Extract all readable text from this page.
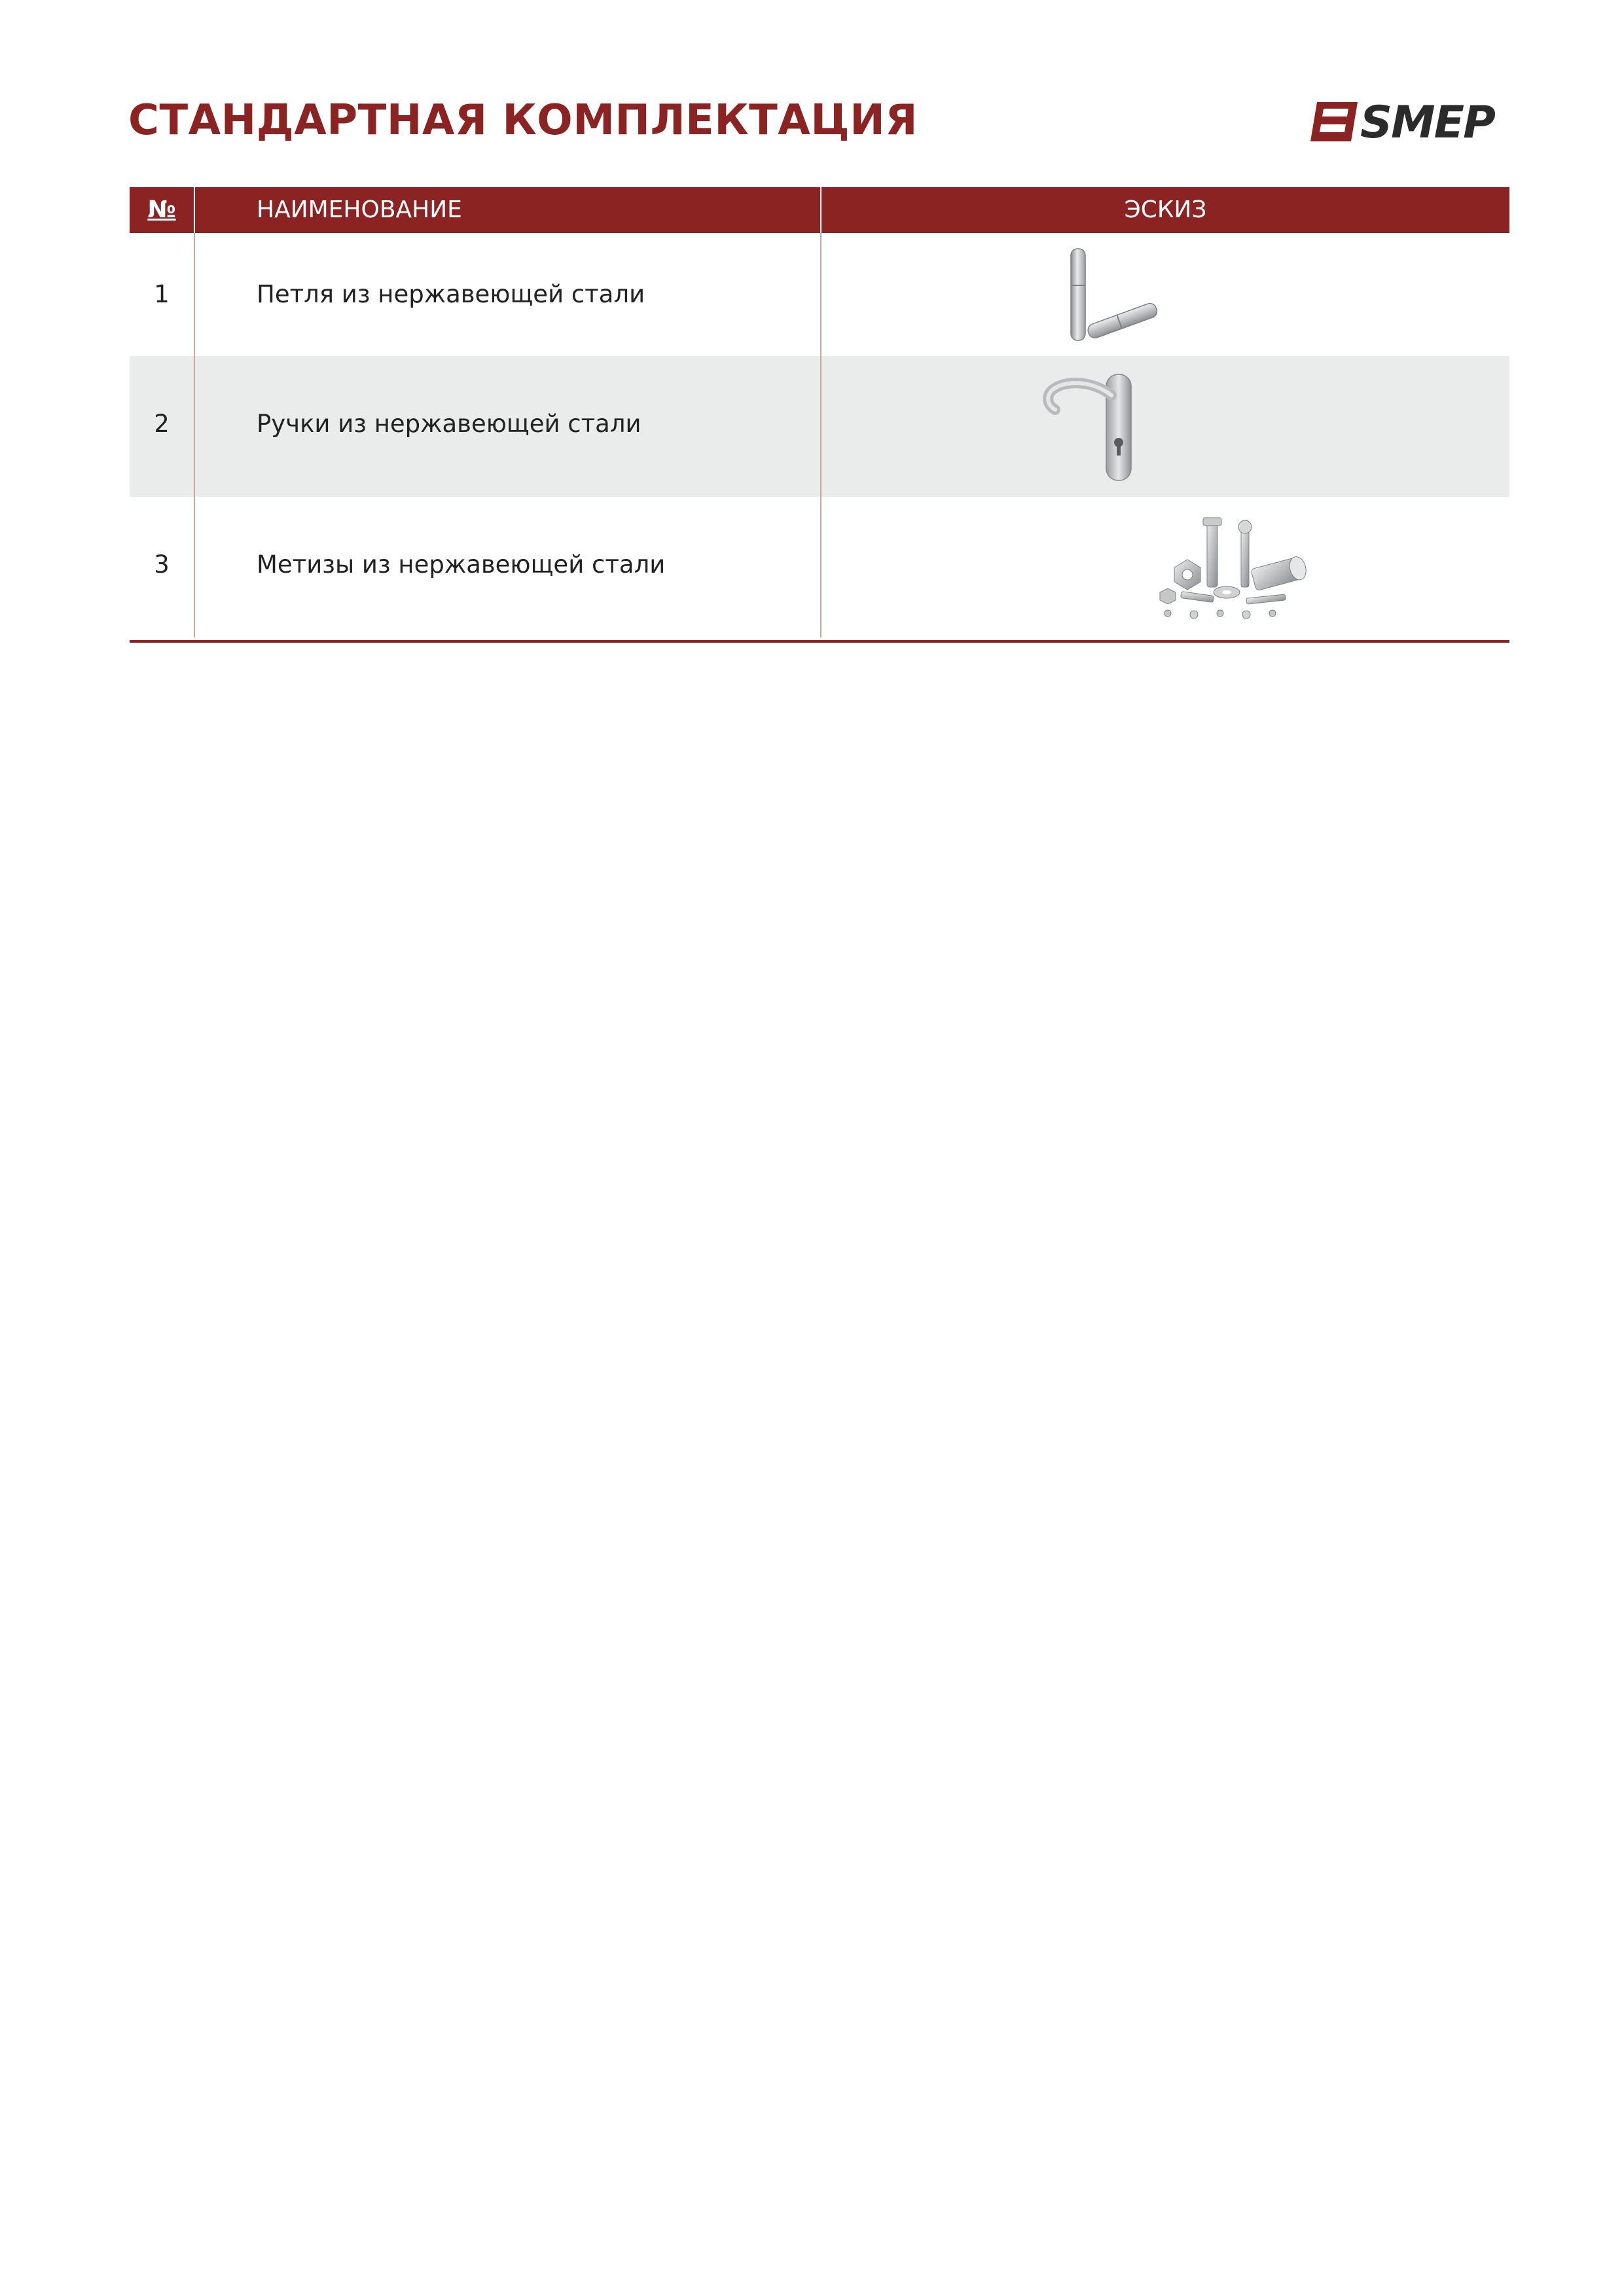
СТАНДАРТНАЯ КОМПЛЕКТАЦИЯ	SMEP
№	НАИМЕНОВАНИЕ	ЭСКИЗ
1	Петля из нержавеющей стали
2	Ручки из нержавеющей стали
3	Метизы из нержавеющей стали
